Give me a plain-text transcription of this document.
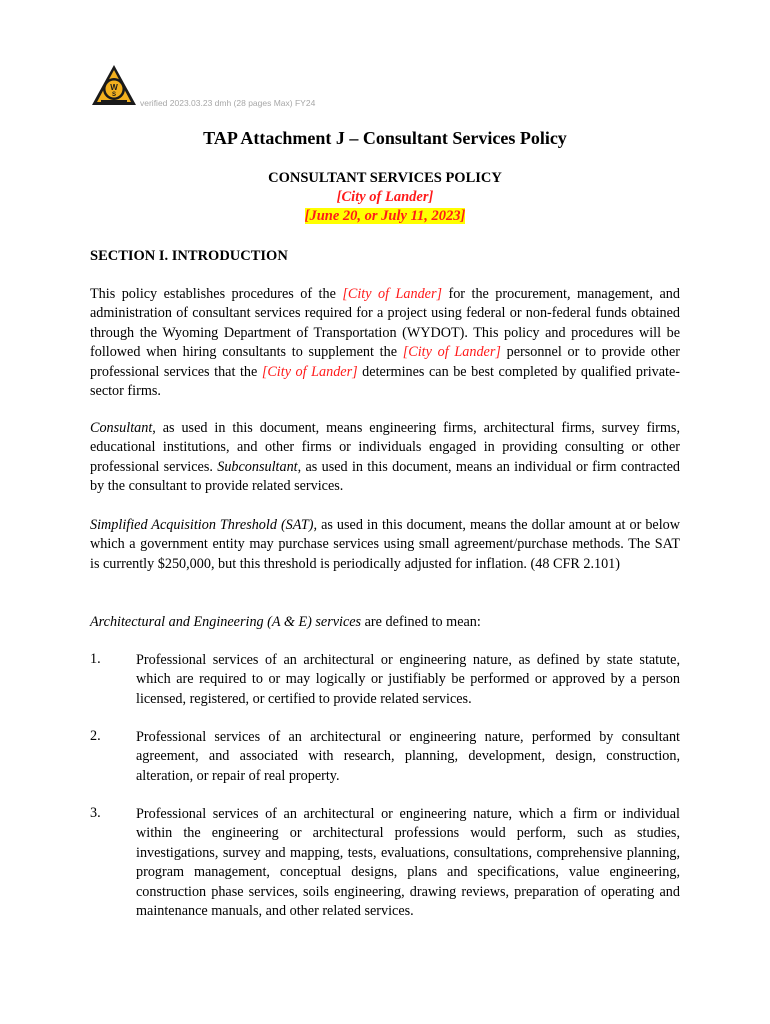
W
S
verified 2023.03.23 dmh (28 pages Max) FY24
TAP Attachment J – Consultant Services Policy
CONSULTANT SERVICES POLICY
[City of Lander]
[June 20, or July 11, 2023]
SECTION I. INTRODUCTION

This policy establishes procedures of the [City of Lander] for the procurement, management, and administration of consultant services required for a project using federal or non-federal funds obtained through the Wyoming Department of Transportation (WYDOT). This policy and procedures will be followed when hiring consultants to supplement the [City of Lander] personnel or to provide other professional services that the [City of Lander] determines can be best completed by qualified private-sector firms.

Consultant, as used in this document, means engineering firms, architectural firms, survey firms, educational institutions, and other firms or individuals engaged in providing consulting or other professional services. Subconsultant, as used in this document, means an individual or firm contracted by the consultant to provide related services.

Simplified Acquisition Threshold (SAT), as used in this document, means the dollar amount at or below which a government entity may purchase services using small agreement/purchase methods. The SAT is currently $250,000, but this threshold is periodically adjusted for inflation. (48 CFR 2.101)

Architectural and Engineering (A & E) services are defined to mean:

1. Professional services of an architectural or engineering nature, as defined by state statute, which are required to or may logically or justifiably be performed or approved by a person licensed, registered, or certified to provide related services.

2. Professional services of an architectural or engineering nature, performed by consultant agreement, and associated with research, planning, development, design, construction, alteration, or repair of real property.

3. Professional services of an architectural or engineering nature, which a firm or individual within the engineering or architectural professions would perform, such as studies, investigations, survey and mapping, tests, evaluations, consultations, comprehensive planning, program management, conceptual designs, plans and specifications, value engineering, construction phase services, soils engineering, drawing reviews, preparation of operating and maintenance manuals, and other related services.
